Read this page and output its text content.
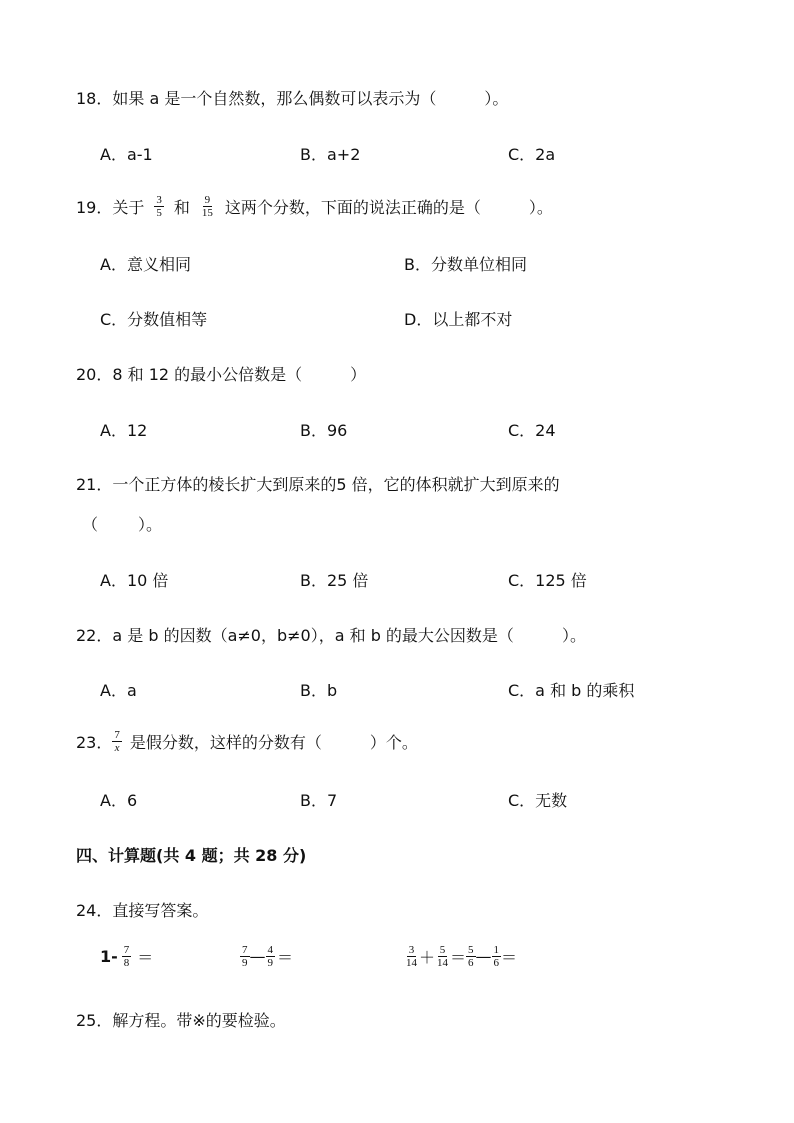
18．如果 a 是一个自然数，那么偶数可以表示为（	）。
A．a-1	B．a+2	C．2a
19．关于 $\frac{3}{5}$ 和 $\frac{9}{15}$ 这两个分数，下面的说法正确的是（	）。
A．意义相同	B．分数单位相同
C．分数值相等	D．以上都不对
20．8 和 12 的最小公倍数是（	）
A．12	B．96	C．24
21．一个正方体的棱长扩大到原来的5 倍，它的体积就扩大到原来的
（	）。
A．10 倍	B．25 倍	C．125 倍
22．a 是 b 的因数（a≠0，b≠0），a 和 b 的最大公因数是（	）。
A．a	B．b	C．a 和 b 的乘积
23． $\frac{7}{x}$ 是假分数，这样的分数有（	）个。
A．6	B．7	C．无数
四、计算题(共 4 题；共 28 分)
24．直接写答案。
$1- \frac{7}{8}$ ＝	$\frac{7}{9}$ — $\frac{4}{9}$ ＝	$\frac{3}{14} + \frac{5}{14} = \frac{5}{6}$ — $\frac{1}{6}$ ＝
25．解方程。带※的要检验。
